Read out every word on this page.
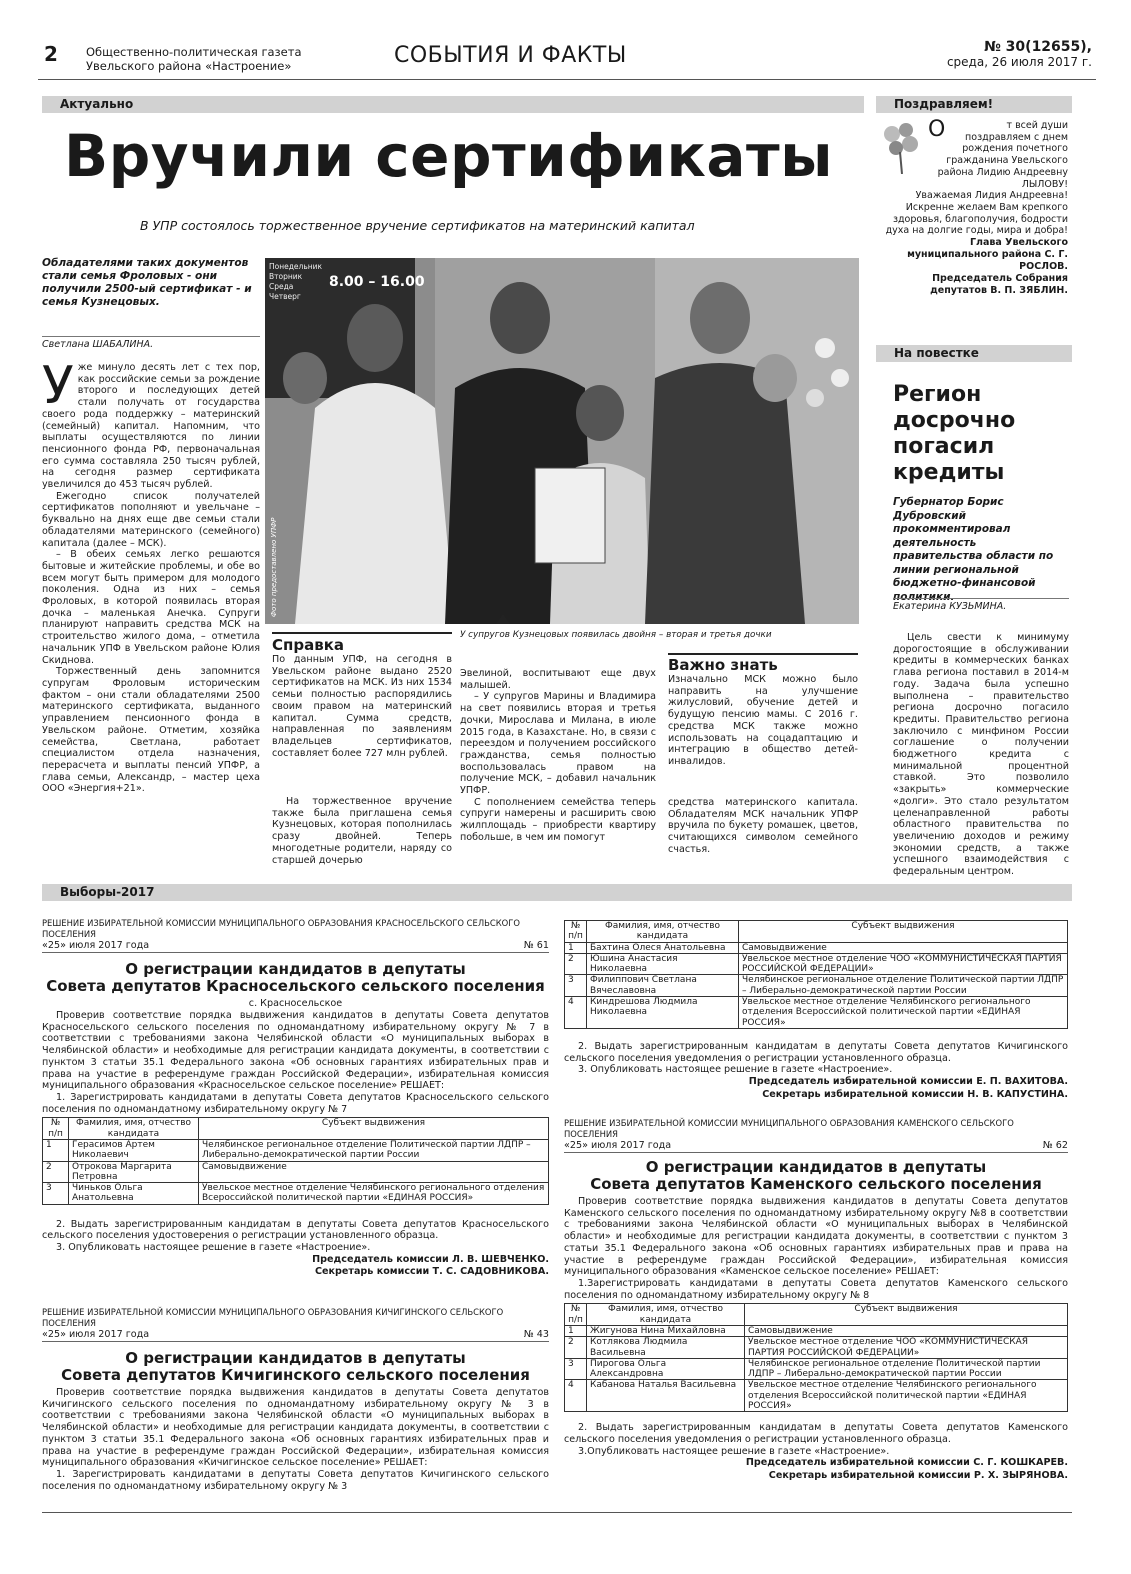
2 Общественно-политическая газета
Увельского района «Настроение»	СОБЫТИЯ И ФАКТЫ	№ 30(12655),
среда, 26 июля 2017 г.
Актуально
Вручили сертификаты
В УПР состоялось торжественное вручение сертификатов на материнский капитал
Обладателями таких документов стали семья Фроловых - они получили 2500-ый сертификат - и семья Кузнецовых.
Светлана ШАБАЛИНА.

Уже минуло десять лет с тех пор, как российские семьи за рождение второго и последующих детей стали получать от государства своего рода поддержку – материнский (семейный) капитал. Напомним, что выплаты осуществляются по линии пенсионного фонда РФ, первоначальная его сумма составляла 250 тысяч рублей, на сегодня размер сертификата увеличился до 453 тысяч рублей.

Ежегодно список получателей сертификатов пополняют и увельчане – буквально на днях еще две семьи стали обладателями материнского (семейного) капитала (далее – МСК).

– В обеих семьях легко решаются бытовые и житейские проблемы, и обе во всем могут быть примером для молодого поколения. Одна из них – семья Фроловых, в которой появилась вторая дочка – маленькая Анечка. Супруги планируют направить средства МСК на строительство жилого дома, – отметила начальник УПФ в Увельском районе Юлия Скиднова.

Торжественный день запомнится супругам Фроловым историческим фактом – они стали обладателями 2500 материнского сертификата, выданного управлением пенсионного фонда в Увельском районе. Отметим, хозяйка семейства, Светлана, работает специалистом отдела назначения, перерасчета и выплаты пенсий УПФР, а глава семьи, Александр, – мастер цеха ООО «Энергия+21».

Понедельник
Вторник
Среда
Четверг
8.00 – 16.00
Фото предоставлено УПФР
У супругов Кузнецовых появилась двойня – вторая и третья дочки
Справка

По данным УПФ, на сегодня в Увельском районе выдано 2520 сертификатов на МСК. Из них 1534 семьи полностью распорядились своим правом на материнский капитал. Сумма средств, направленная по заявлениям владельцев сертификатов, составляет более 727 млн рублей.

На торжественное вручение также была приглашена семья Кузнецовых, которая пополнилась сразу двойней. Теперь многодетные родители, наряду со старшей дочерью

Эвелиной, воспитывают еще двух малышей.

– У супругов Марины и Владимира на свет появились вторая и третья дочки, Мирослава и Милана, в июле 2015 года, в Казахстане. Но, в связи с переездом и получением российского гражданства, семья полностью воспользовалась правом на получение МСК, – добавил начальник УПФР.

С пополнением семейства теперь супруги намерены и расширить свою жилплощадь – приобрести квартиру побольше, в чем им помогут

Важно знать

Изначально МСК можно было направить на улучшение жилусловий, обучение детей и будущую пенсию мамы. С 2016 г. средства МСК также можно использовать на соцадаптацию и интеграцию в общество детей-инвалидов.

средства материнского капитала. Обладателям МСК начальник УПФР вручила по букету ромашек, цветов, считающихся символом семейного счастья.

Поздравляем!

О	т всей души поздравляем с днем рождения почетного гражданина Увельского района Лидию Андреевну ЛЫЛОВУ!

Уважаемая Лидия Андреевна! Искренне желаем Вам крепкого здоровья, благополучия, бодрости духа на долгие годы, мира и добра!

Глава Увельского муниципального района С. Г. РОСЛОВ.

Председатель Собрания депутатов В. П. ЗЯБЛИН.

На повестке
Регион досрочно погасил кредиты
Губернатор Борис Дубровский прокомментировал деятельность правительства области по линии региональной бюджетно-финансовой политики.
Екатерина КУЗЬМИНА.

Цель свести к минимуму дорогостоящие в обслуживании кредиты в коммерческих банках глава региона поставил в 2014-м году. Задача была успешно выполнена – правительство региона досрочно погасило кредиты. Правительство региона заключило с минфином России соглашение о получении бюджетного кредита с минимальной процентной ставкой. Это позволило «закрыть» коммерческие «долги». Это стало результатом целенаправленной работы областного правительства по увеличению доходов и режиму экономии средств, а также успешного взаимодействия с федеральным центром.

Выборы-2017
РЕШЕНИЕ ИЗБИРАТЕЛЬНОЙ КОМИССИИ МУНИЦИПАЛЬНОГО ОБРАЗОВАНИЯ КРАСНОСЕЛЬСКОГО СЕЛЬСКОГО ПОСЕЛЕНИЯ
«25» июля 2017 года	№ 61
О регистрации кандидатов в депутаты
Совета депутатов Красносельского сельского поселения
с. Красносельское

Проверив соответствие порядка выдвижения кандидатов в депутаты Совета депутатов Красносельского сельского поселения по одномандатному избирательному округу № 7 в соответствии с требованиями закона Челябинской области «О муниципальных выборах в Челябинской области» и необходимые для регистрации кандидата документы, в соответствии с пунктом 3 статьи 35.1 Федерального закона «Об основных гарантиях избирательных прав и права на участие в референдуме граждан Российской Федерации», избирательная комиссия муниципального образования «Красносельское сельское поселение» РЕШАЕТ:

1. Зарегистрировать кандидатами в депутаты Совета депутатов Красносельского сельского поселения по одномандатному избирательному округу № 7

№ п/п	Фамилия, имя, отчество кандидата	Субъект выдвижения
1	Герасимов Артем Николаевич	Челябинское региональное отделение Политической партии ЛДПР – Либерально-демократической партии России
2	Отрокова Маргарита Петровна	Самовыдвижение
3	Чиньков Ольга Анатольевна	Увельское местное отделение Челябинского регионального отделения Всероссийской политической партии «ЕДИНАЯ РОССИЯ»

2. Выдать зарегистрированным кандидатам в депутаты Совета депутатов Красносельского сельского поселения удостоверения о регистрации установленного образца.

3. Опубликовать настоящее решение в газете «Настроение».

Председатель комиссии Л. В. ШЕВЧЕНКО.

Секретарь комиссии Т. С. САДОВНИКОВА.

РЕШЕНИЕ ИЗБИРАТЕЛЬНОЙ КОМИССИИ МУНИЦИПАЛЬНОГО ОБРАЗОВАНИЯ КИЧИГИНСКОГО СЕЛЬСКОГО ПОСЕЛЕНИЯ
«25» июля 2017 года	№ 43
О регистрации кандидатов в депутаты
Совета депутатов Кичигинского сельского поселения

Проверив соответствие порядка выдвижения кандидатов в депутаты Совета депутатов Кичигинского сельского поселения по одномандатному избирательному округу № 3 в соответствии с требованиями закона Челябинской области «О муниципальных выборах в Челябинской области» и необходимые для регистрации кандидата документы, в соответствии с пунктом 3 статьи 35.1 Федерального закона «Об основных гарантиях избирательных прав и права на участие в референдуме граждан Российской Федерации», избирательная комиссия муниципального образования «Кичигинское сельское поселение» РЕШАЕТ:

1. Зарегистрировать кандидатами в депутаты Совета депутатов Кичигинского сельского поселения по одномандатному избирательному округу № 3

№ п/п	Фамилия, имя, отчество кандидата	Субъект выдвижения
1	Бахтина Олеся Анатольевна	Самовыдвижение
2	Юшина Анастасия Николаевна	Увельское местное отделение ЧОО «КОММУНИСТИЧЕСКАЯ ПАРТИЯ РОССИЙСКОЙ ФЕДЕРАЦИИ»
3	Филиппович Светлана Вячеславовна	Челябинское региональное отделение Политической партии ЛДПР – Либерально-демократической партии России
4	Киндрешова Людмила Николаевна	Увельское местное отделение Челябинского регионального отделения Всероссийской политической партии «ЕДИНАЯ РОССИЯ»

2. Выдать зарегистрированным кандидатам в депутаты Совета депутатов Кичигинского сельского поселения уведомления о регистрации установленного образца.

3. Опубликовать настоящее решение в газете «Настроение».

Председатель избирательной комиссии Е. П. ВАХИТОВА.

Секретарь избирательной комиссии Н. В. КАПУСТИНА.

РЕШЕНИЕ ИЗБИРАТЕЛЬНОЙ КОМИССИИ МУНИЦИПАЛЬНОГО ОБРАЗОВАНИЯ КАМЕНСКОГО СЕЛЬСКОГО ПОСЕЛЕНИЯ
«25» июля 2017 года	№ 62
О регистрации кандидатов в депутаты
Совета депутатов Каменского сельского поселения

Проверив соответствие порядка выдвижения кандидатов в депутаты Совета депутатов Каменского сельского поселения по одномандатному избирательному округу №8 в соответствии с требованиями закона Челябинской области «О муниципальных выборах в Челябинской области» и необходимые для регистрации кандидата документы, в соответствии с пунктом 3 статьи 35.1 Федерального закона «Об основных гарантиях избирательных прав и права на участие в референдуме граждан Российской Федерации», избирательная комиссия муниципального образования «Каменское сельское поселение» РЕШАЕТ:

1.Зарегистрировать кандидатами в депутаты Совета депутатов Каменского сельского поселения по одномандатному избирательному округу № 8

№ п/п	Фамилия, имя, отчество кандидата	Субъект выдвижения
1	Жигунова Нина Михайловна	Самовыдвижение
2	Котлякова Людмила Васильевна	Увельское местное отделение ЧОО «КОММУНИСТИЧЕСКАЯ ПАРТИЯ РОССИЙСКОЙ ФЕДЕРАЦИИ»
3	Пирогова Ольга Александровна	Челябинское региональное отделение Политической партии ЛДПР – Либерально-демократической партии России
4	Кабанова Наталья Васильевна	Увельское местное отделение Челябинского регионального отделения Всероссийской политической партии «ЕДИНАЯ РОССИЯ»

2. Выдать зарегистрированным кандидатам в депутаты Совета депутатов Каменского сельского поселения уведомления о регистрации установленного образца.

3.Опубликовать настоящее решение в газете «Настроение».

Председатель избирательной комиссии С. Г. КОШКАРЕВ.

Секретарь избирательной комиссии Р. Х. ЗЫРЯНОВА.
